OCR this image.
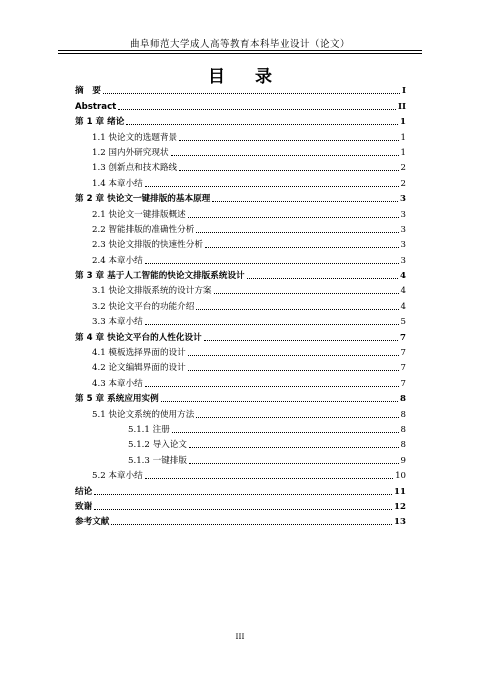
曲阜师范大学成人高等教育本科毕业设计（论文）
目 录
摘　要	I
Abstract	II
第 1 章 绪论	1
1.1 快论文的选题背景	1
1.2 国内外研究现状	1
1.3 创新点和技术路线	2
1.4 本章小结	2
第 2 章 快论文一键排版的基本原理	3
2.1 快论文一键排版概述	3
2.2 智能排版的准确性分析	3
2.3 快论文排版的快速性分析	3
2.4 本章小结	3
第 3 章 基于人工智能的快论文排版系统设计	4
3.1 快论文排版系统的设计方案	4
3.2 快论文平台的功能介绍	4
3.3 本章小结	5
第 4 章 快论文平台的人性化设计	7
4.1 模板选择界面的设计	7
4.2 论文编辑界面的设计	7
4.3 本章小结	7
第 5 章 系统应用实例	8
5.1 快论文系统的使用方法	8
5.1.1 注册	8
5.1.2 导入论文	8
5.1.3 一键排版	9
5.2 本章小结	10
结论	11
致谢	12
参考文献	13
III
